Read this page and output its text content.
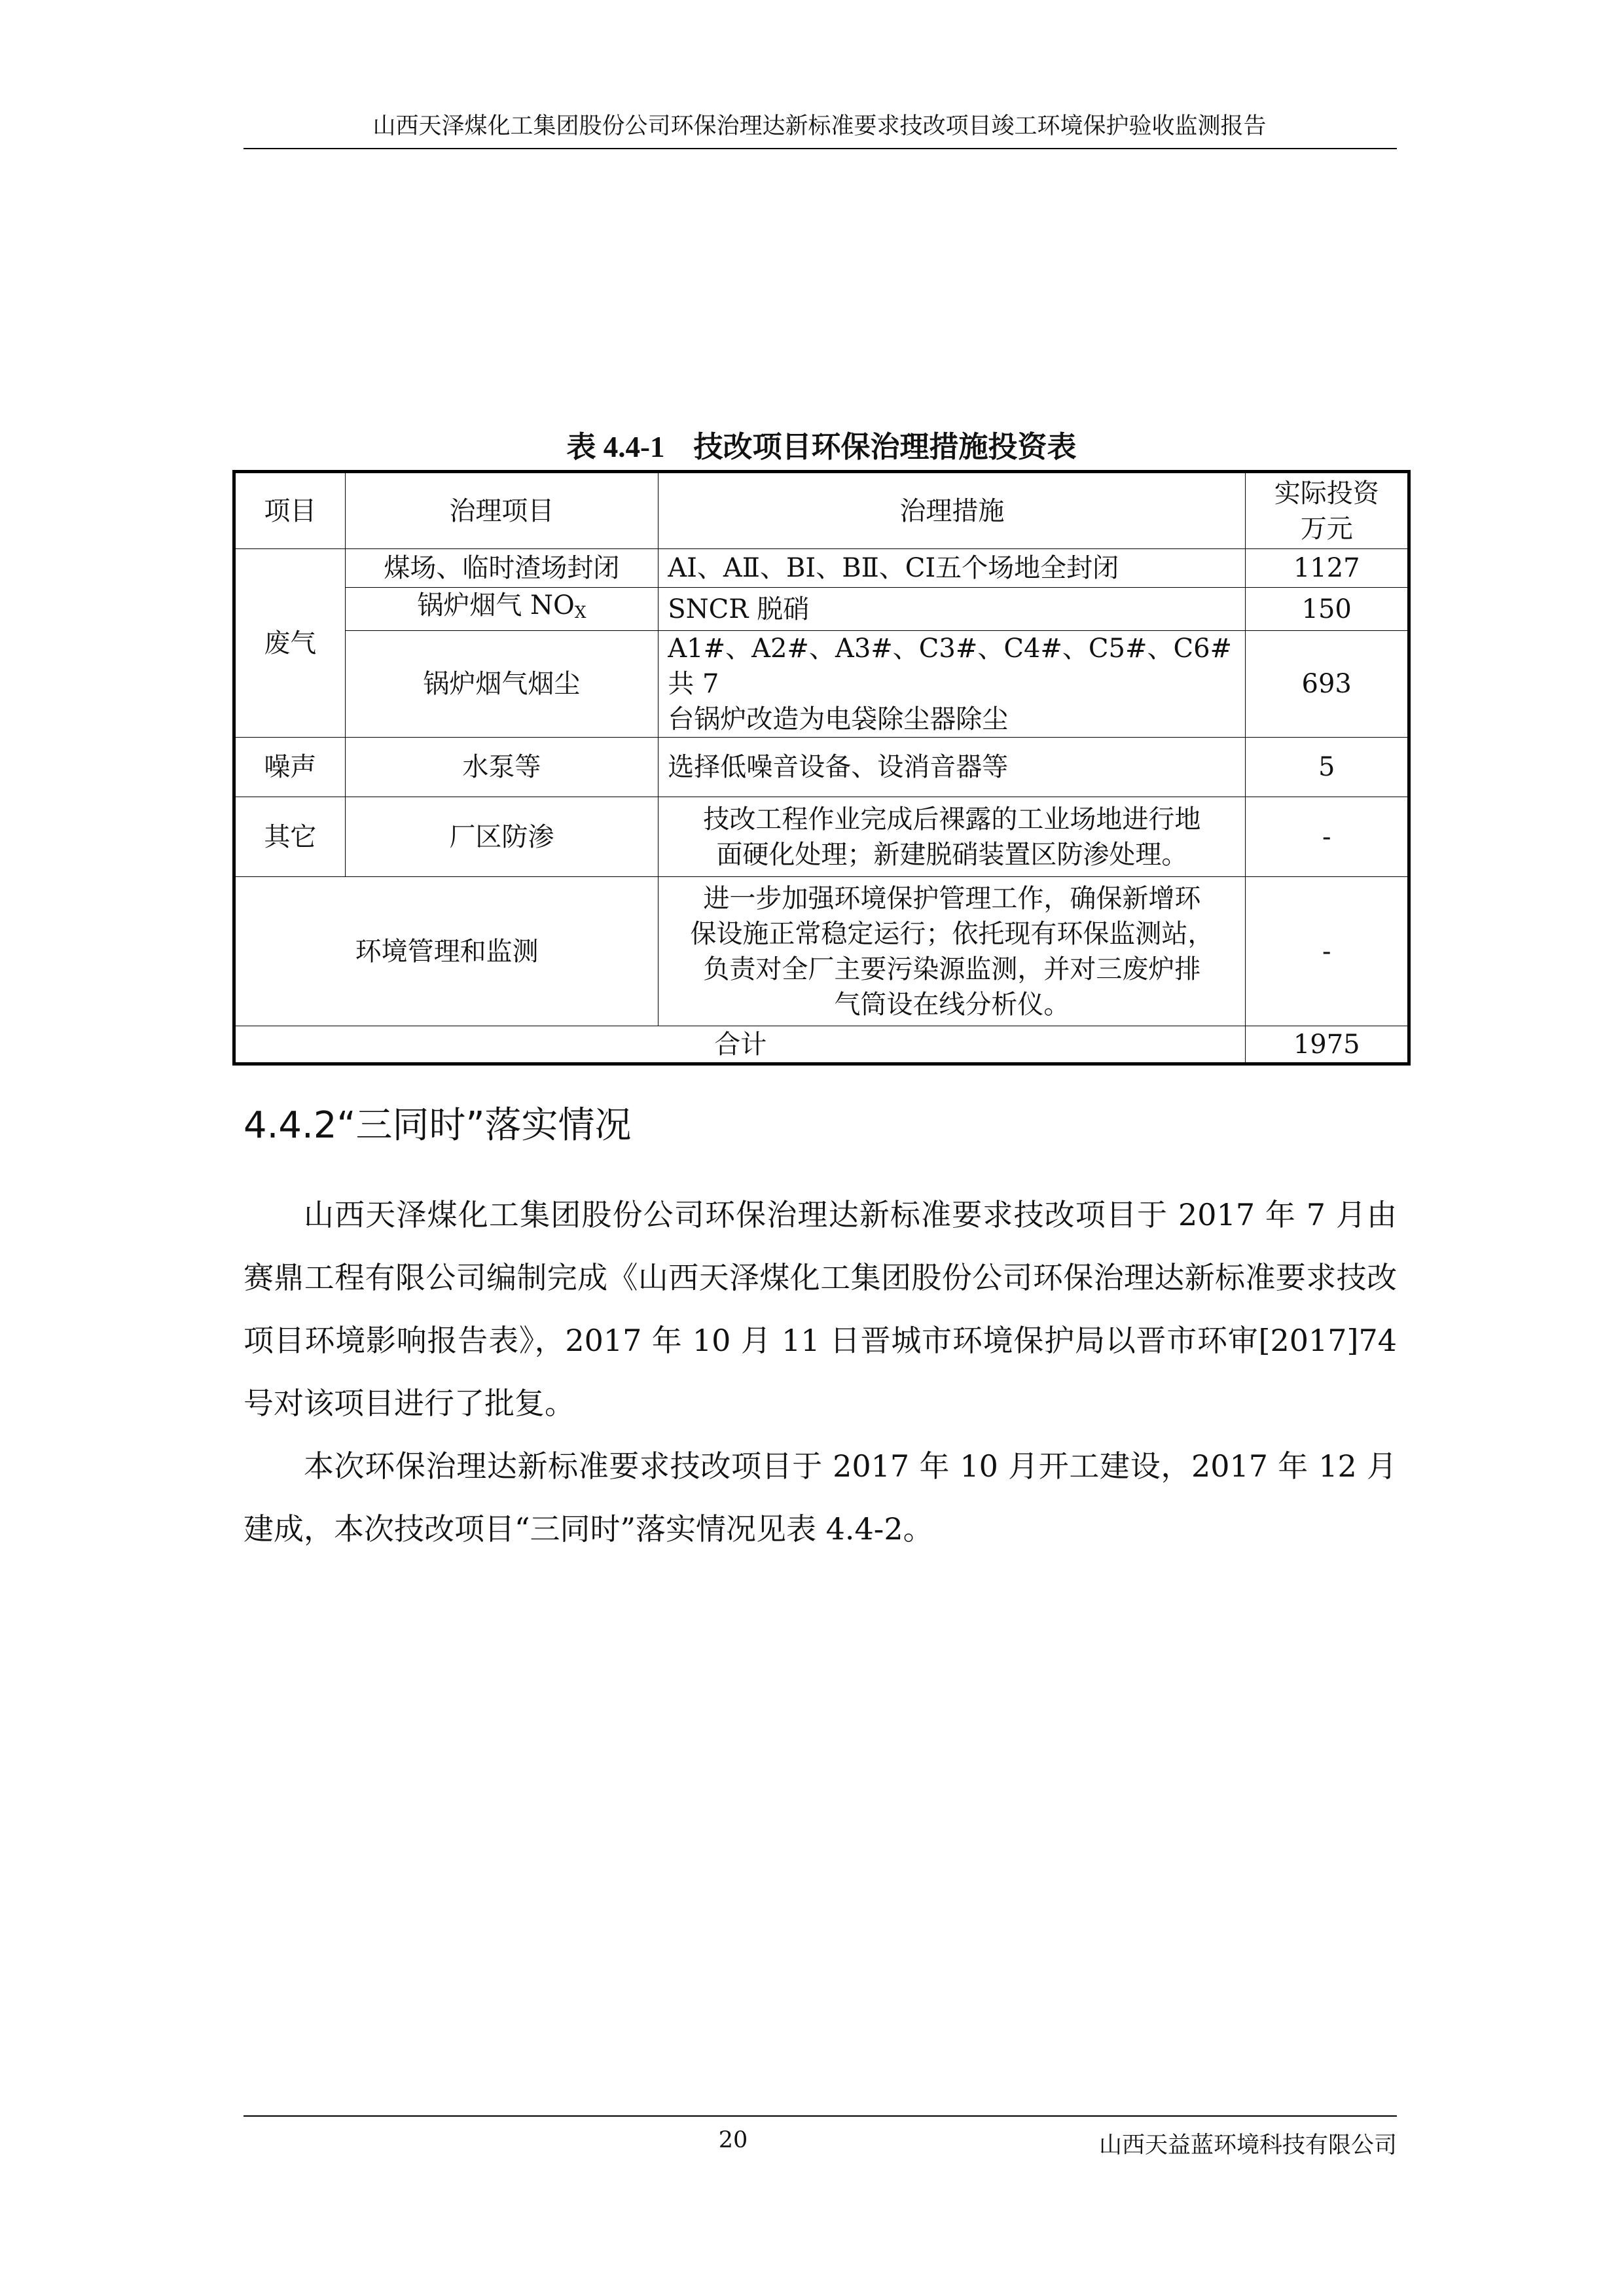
山西天泽煤化工集团股份公司环保治理达新标准要求技改项目竣工环境保护验收监测报告
表 4.4-1 技改项目环保治理措施投资表
项目	治理项目	治理措施	实际投资
万元

废气	煤场、临时渣场封闭	AⅠ、AⅡ、BⅠ、BⅡ、CⅠ五个场地全封闭	1127
	锅炉烟气 $NO_X$	SNCR 脱硝	150
	锅炉烟气烟尘	A1#、A2#、A3#、C3#、C4#、C5#、C6#共 7
台锅炉改造为电袋除尘器除尘	693
噪声	水泵等	选择低噪音设备、设消音器等	5
其它	厂区防渗	技改工程作业完成后裸露的工业场地进行地
面硬化处理；新建脱硝装置区防渗处理。	-
环境管理和监测		进一步加强环境保护管理工作，确保新增环
保设施正常稳定运行；依托现有环保监测站，
负责对全厂主要污染源监测，并对三废炉排
气筒设在线分析仪。	-
合计			1975
4.4.2“三同时”落实情况
山西天泽煤化工集团股份公司环保治理达新标准要求技改项目于 2017 年 7 月由赛鼎工程有限公司编制完成《山西天泽煤化工集团股份公司环保治理达新标准要求技改项目环境影响报告表》，2017 年 10 月 11 日晋城市环境保护局以晋市环审[2017]74 号对该项目进行了批复。
本次环保治理达新标准要求技改项目于 2017 年 10 月开工建设，2017 年 12 月建成，本次技改项目“三同时”落实情况见表 4.4-2。
20	山西天益蓝环境科技有限公司
